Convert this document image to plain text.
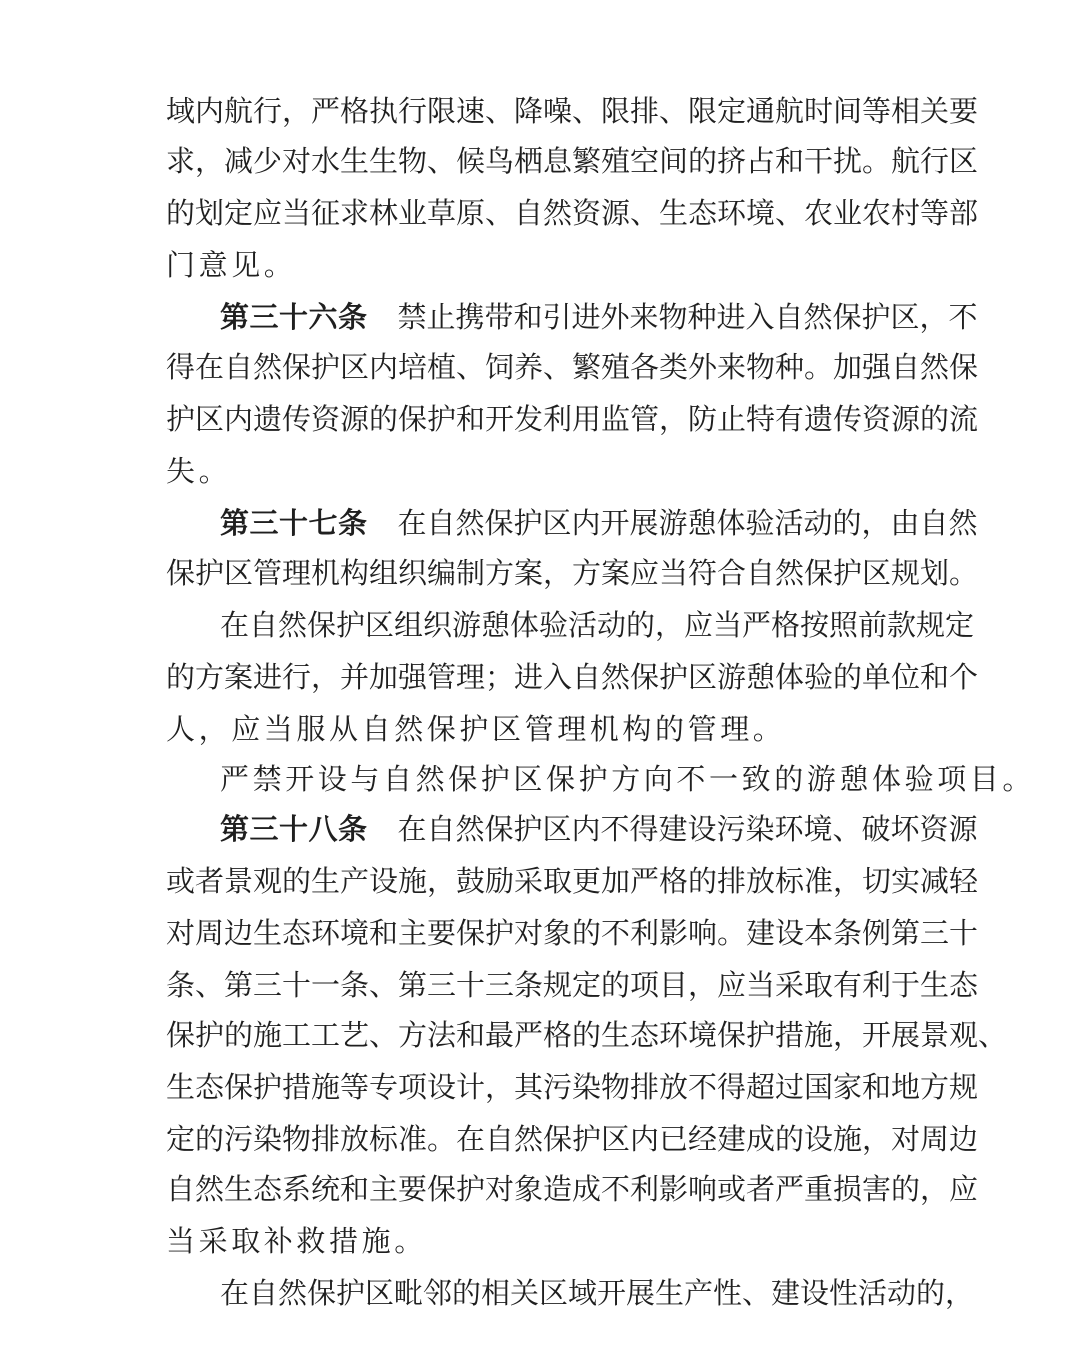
域内航行，严格执行限速、降噪、限排、限定通航时间等相关要
求，减少对水生生物、候鸟栖息繁殖空间的挤占和干扰。航行区
的划定应当征求林业草原、自然资源、生态环境、农业农村等部
门意见。
第三十六条 禁止携带和引进外来物种进入自然保护区，不
得在自然保护区内培植、饲养、繁殖各类外来物种。加强自然保
护区内遗传资源的保护和开发利用监管，防止特有遗传资源的流
失。
第三十七条 在自然保护区内开展游憩体验活动的，由自然
保护区管理机构组织编制方案，方案应当符合自然保护区规划。
在自然保护区组织游憩体验活动的，应当严格按照前款规定
的方案进行，并加强管理；进入自然保护区游憩体验的单位和个
人，应当服从自然保护区管理机构的管理。
严禁开设与自然保护区保护方向不一致的游憩体验项目。
第三十八条 在自然保护区内不得建设污染环境、破坏资源
或者景观的生产设施，鼓励采取更加严格的排放标准，切实减轻
对周边生态环境和主要保护对象的不利影响。建设本条例第三十
条、第三十一条、第三十三条规定的项目，应当采取有利于生态
保护的施工工艺、方法和最严格的生态环境保护措施，开展景观、
生态保护措施等专项设计，其污染物排放不得超过国家和地方规
定的污染物排放标准。在自然保护区内已经建成的设施，对周边
自然生态系统和主要保护对象造成不利影响或者严重损害的，应
当采取补救措施。
在自然保护区毗邻的相关区域开展生产性、建设性活动的，
